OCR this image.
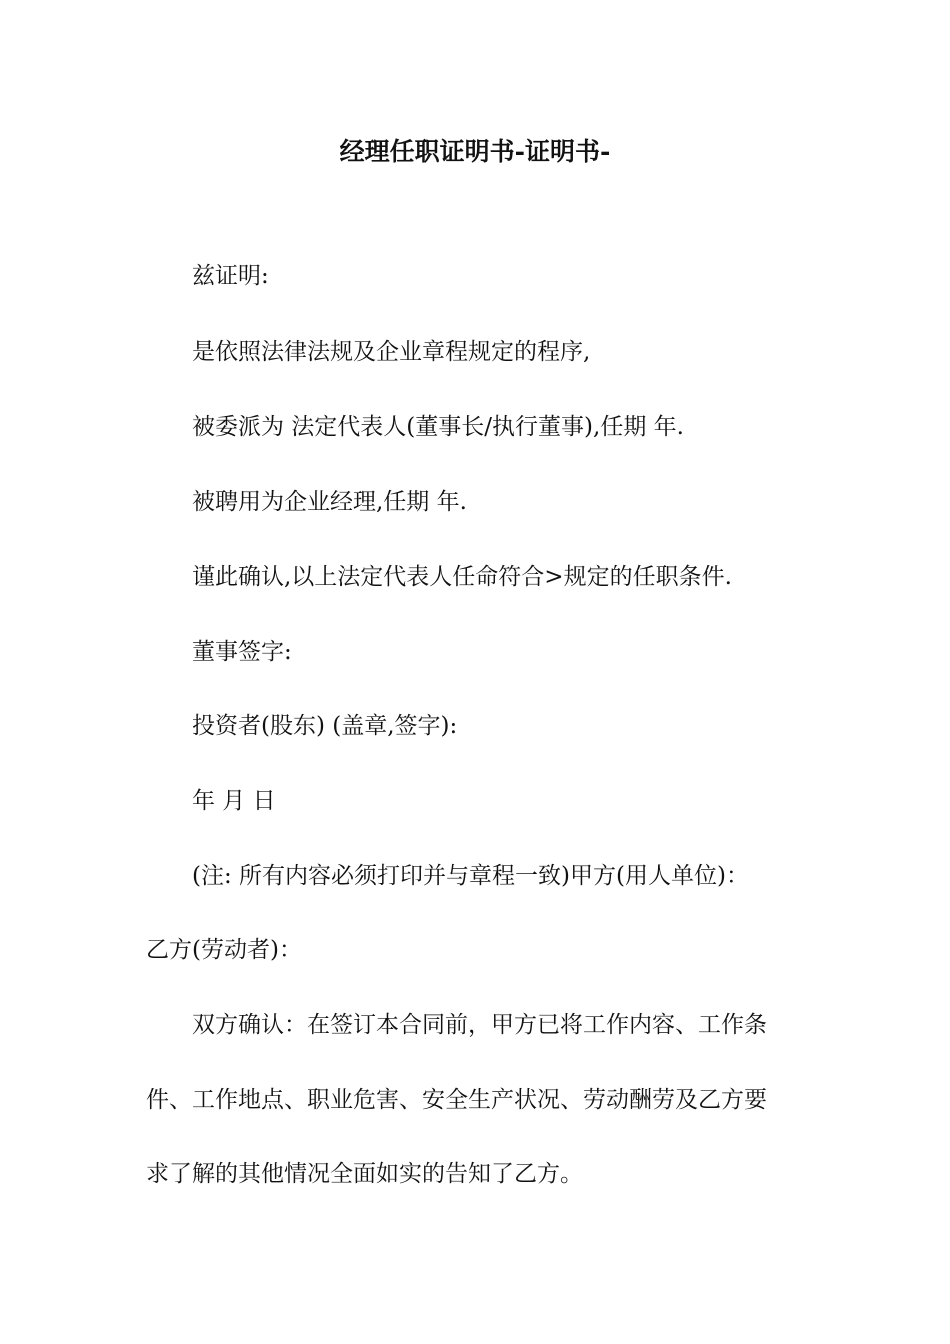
经理任职证明书-证明书-
兹证明:
是依照法律法规及企业章程规定的程序,
被委派为 法定代表人(董事长/执行董事),任期 年.
被聘用为企业经理,任期 年.
谨此确认,以上法定代表人任命符合>规定的任职条件.
董事签字:
投资者(股东) (盖章,签字):
年 月 日
(注: 所有内容必须打印并与章程一致)甲方(用人单位)：
乙方(劳动者)：
双方确认：在签订本合同前，甲方已将工作内容、工作条
件、工作地点、职业危害、安全生产状况、劳动酬劳及乙方要
求了解的其他情况全面如实的告知了乙方。
